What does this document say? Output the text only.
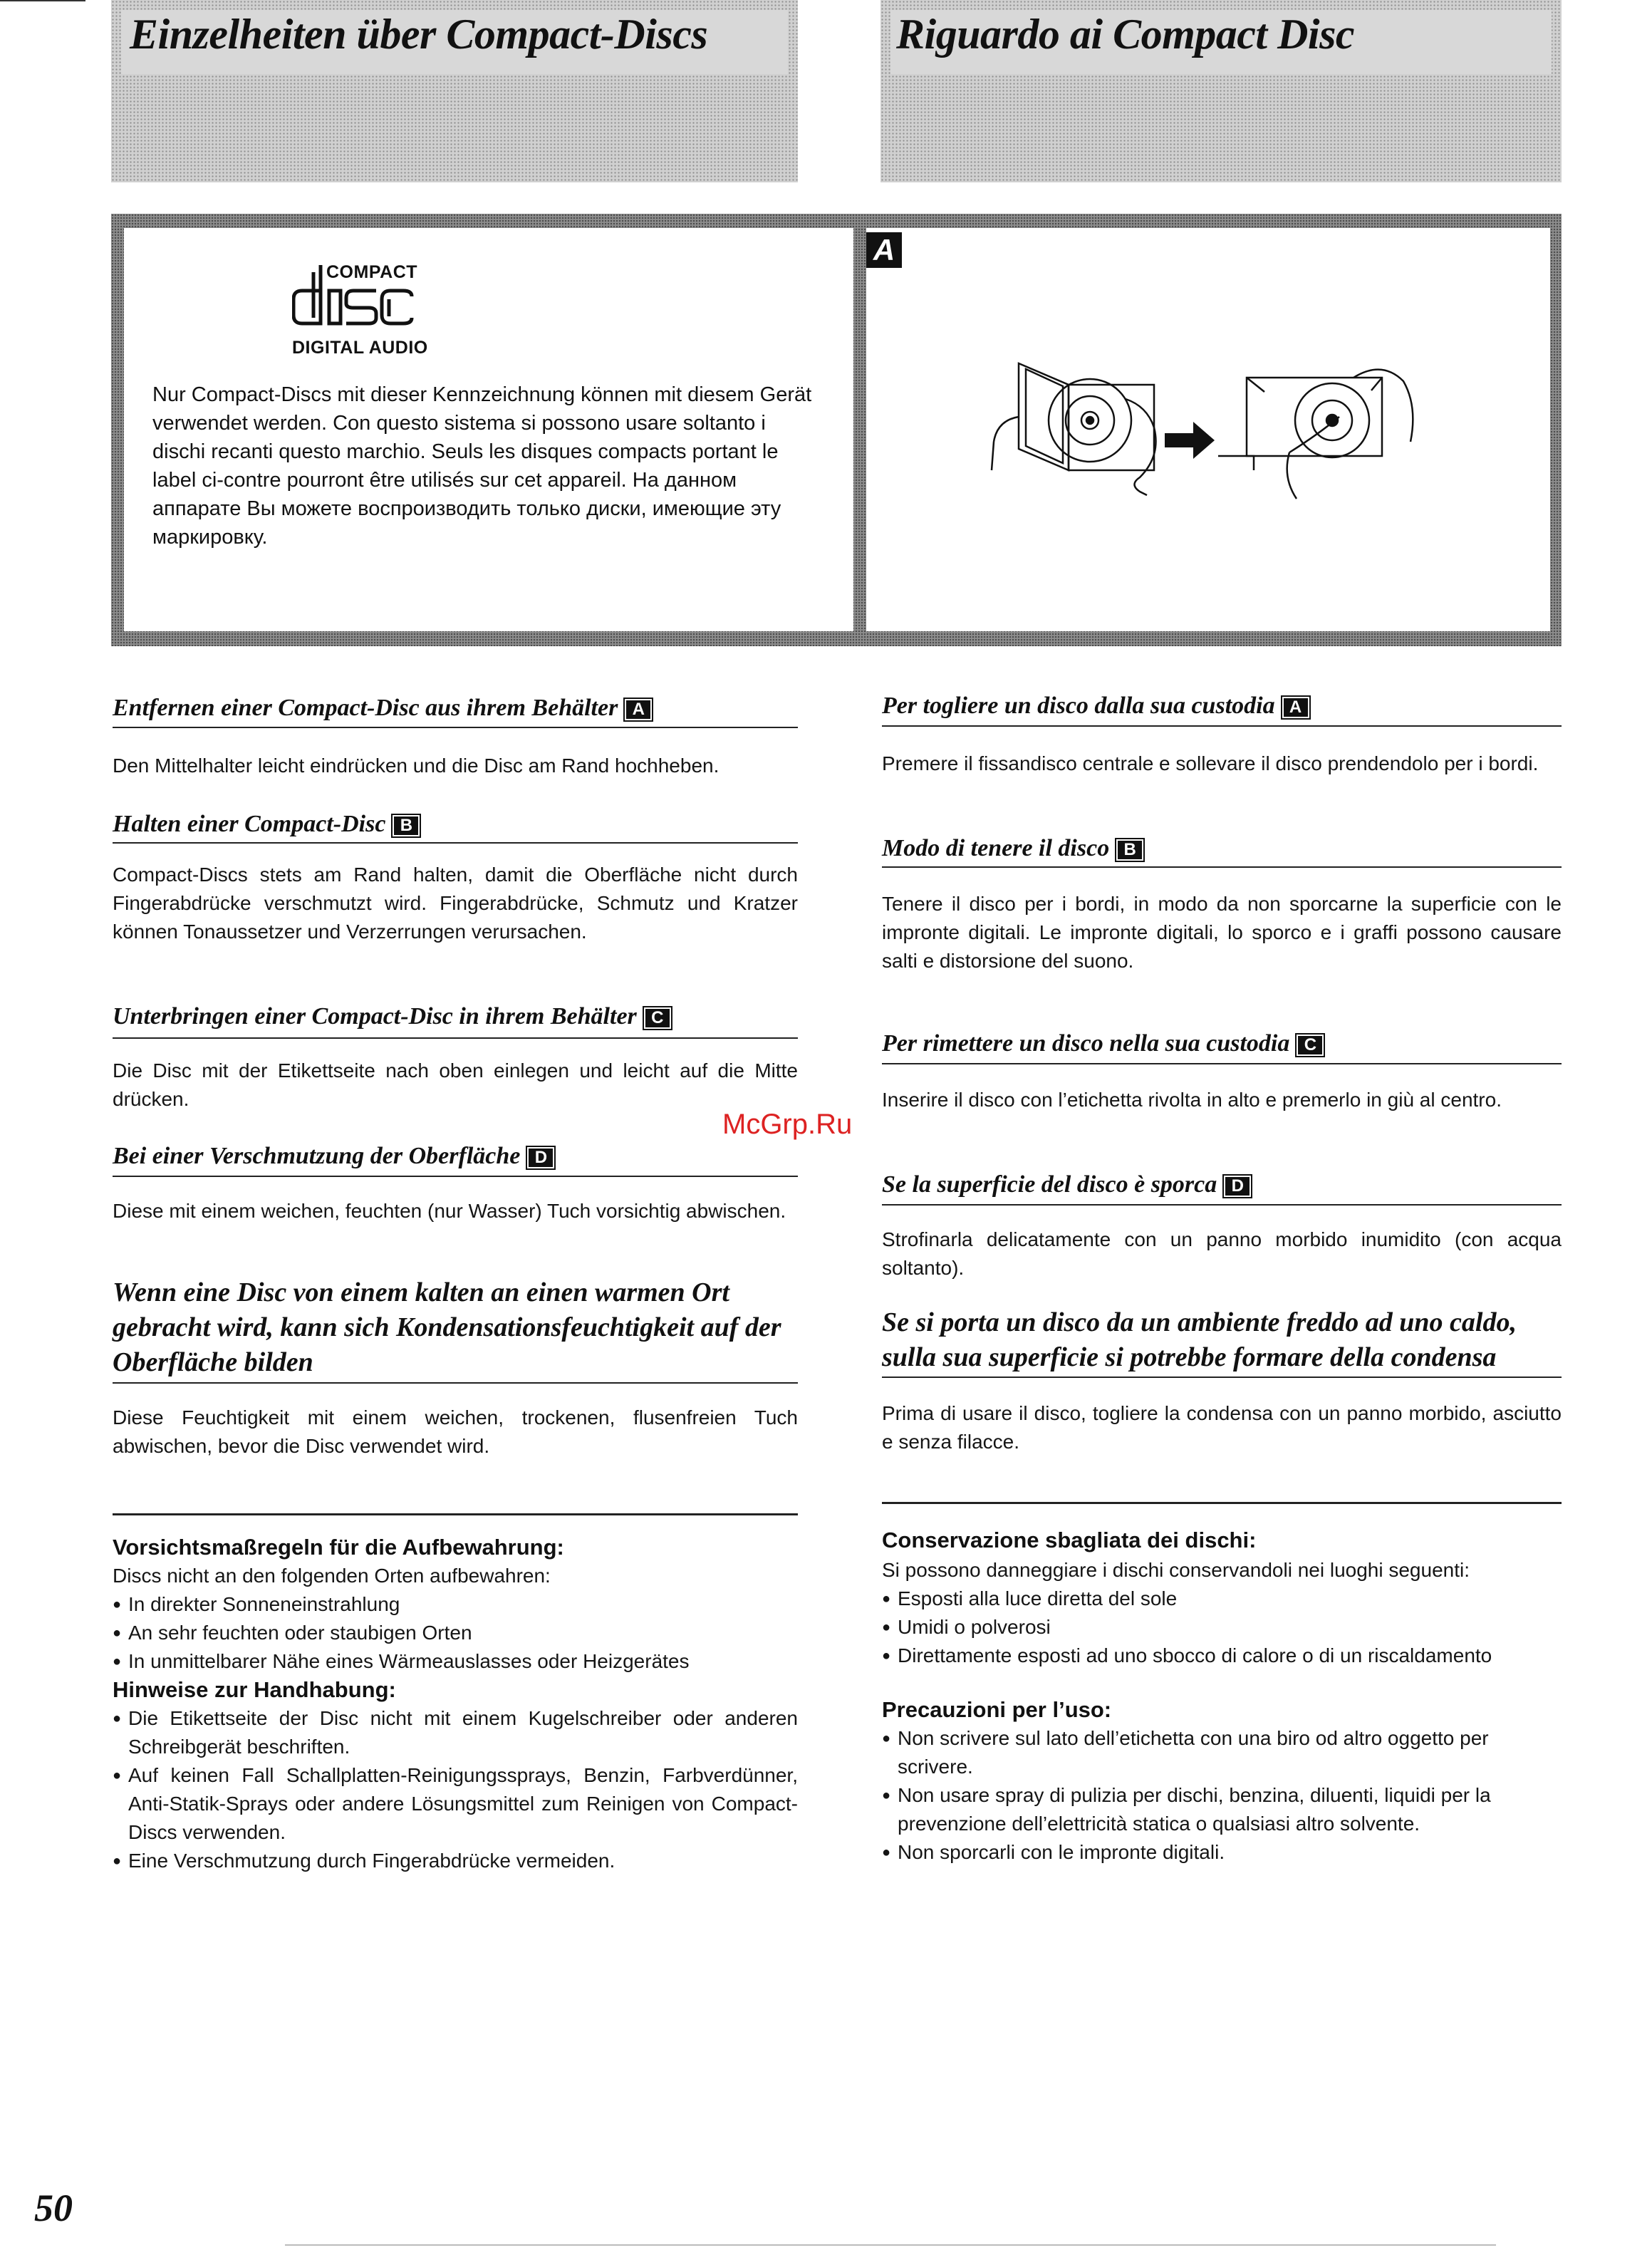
Einzelheiten über Compact-Discs	Riguardo ai Compact Disc
COMPACT
DIGITAL AUDIO
Nur Compact-Discs mit dieser Kennzeichnung können mit diesem Gerät verwendet werden. Con questo sistema si possono usare soltanto i dischi recanti questo marchio. Seuls les disques compacts portant le label ci-contre pourront être utilisés sur cet appareil. На данном аппарате Вы можете воспроизводить только диски, имеющие эту маркировку.
A
Entfernen einer Compact-Disc aus ihrem Behälter A
Den Mittelhalter leicht eindrücken und die Disc am Rand hochheben.
Halten einer Compact-Disc B
Compact-Discs stets am Rand halten, damit die Oberfläche nicht durch Fingerabdrücke verschmutzt wird. Fingerabdrücke, Schmutz und Kratzer können Tonaussetzer und Verzerrungen verursachen.
Unterbringen einer Compact-Disc in ihrem Behälter C
Die Disc mit der Etikettseite nach oben einlegen und leicht auf die Mitte drücken.
Bei einer Verschmutzung der Oberfläche D
Diese mit einem weichen, feuchten (nur Wasser) Tuch vorsichtig abwischen.
Wenn eine Disc von einem kalten an einen warmen Ort gebracht wird, kann sich Kondensationsfeuchtigkeit auf der Oberfläche bilden
Diese Feuchtigkeit mit einem weichen, trockenen, flusenfreien Tuch abwischen, bevor die Disc verwendet wird.
Per togliere un disco dalla sua custodia A
Premere il fissandisco centrale e sollevare il disco prendendolo per i bordi.
Modo di tenere il disco B
Tenere il disco per i bordi, in modo da non sporcarne la superficie con le impronte digitali. Le impronte digitali, lo sporco e i graffi possono causare salti e distorsione del suono.
Per rimettere un disco nella sua custodia C
Inserire il disco con l’etichetta rivolta in alto e premerlo in giù al centro.
Se la superficie del disco è sporca D
Strofinarla delicatamente con un panno morbido inumidito (con acqua soltanto).
Se si porta un disco da un ambiente freddo ad uno caldo, sulla sua superficie si potrebbe formare della condensa
Prima di usare il disco, togliere la condensa con un panno morbido, asciutto e senza filacce.
McGrp.Ru
Vorsichtsmaßregeln für die Aufbewahrung:
Discs nicht an den folgenden Orten aufbewahren:
● In direkter Sonneneinstrahlung
● An sehr feuchten oder staubigen Orten
● In unmittelbarer Nähe eines Wärmeauslasses oder Heizgerätes
Hinweise zur Handhabung:
● Die Etikettseite der Disc nicht mit einem Kugelschreiber oder anderen Schreibgerät beschriften.
● Auf keinen Fall Schallplatten-Reinigungssprays, Benzin, Farbverdünner, Anti-Statik-Sprays oder andere Lösungsmittel zum Reinigen von Compact-Discs verwenden.
● Eine Verschmutzung durch Fingerabdrücke vermeiden.
Conservazione sbagliata dei dischi:
Si possono danneggiare i dischi conservandoli nei luoghi seguenti:
● Esposti alla luce diretta del sole
● Umidi o polverosi
● Direttamente esposti ad uno sbocco di calore o di un riscaldamento
Precauzioni per l’uso:
● Non scrivere sul lato dell’etichetta con una biro od altro oggetto per scrivere.
● Non usare spray di pulizia per dischi, benzina, diluenti, liquidi per la prevenzione dell’elettricità statica o qualsiasi altro solvente.
● Non sporcarli con le impronte digitali.
50
